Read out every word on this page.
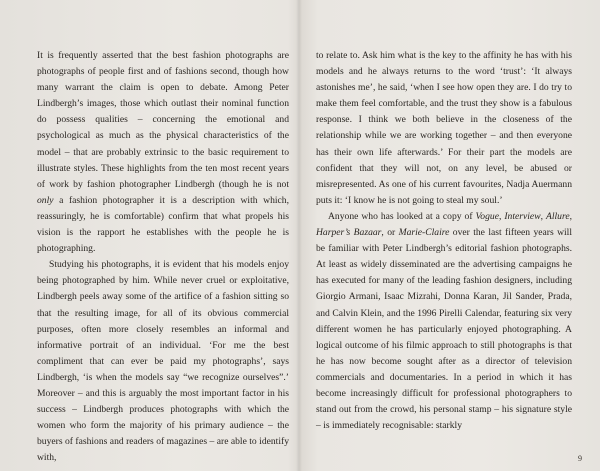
It is frequently asserted that the best fashion photographs are photographs of people first and of fashions second, though how many warrant the claim is open to debate. Among Peter Lindbergh’s images, those which outlast their nominal function do possess qualities – concerning the emotional and psychological as much as the physical characteristics of the model – that are probably extrinsic to the basic requirement to illustrate styles. These highlights from the ten most recent years of work by fashion photographer Lindbergh (though he is not only a fashion photographer it is a description with which, reassuringly, he is comfortable) confirm that what propels his vision is the rapport he establishes with the people he is photographing.

Studying his photographs, it is evident that his models enjoy being photographed by him. While never cruel or exploitative, Lindbergh peels away some of the artifice of a fashion sitting so that the resulting image, for all of its obvious commercial purposes, often more closely resembles an informal and informative portrait of an individual. ‘For me the best compliment that can ever be paid my photographs’, says Lindbergh, ‘is when the models say “we recognize ourselves”.’ Moreover – and this is arguably the most important factor in his success – Lindbergh produces photographs with which the women who form the majority of his primary audience – the buyers of fashions and readers of magazines – are able to identify with,

to relate to. Ask him what is the key to the affinity he has with his models and he always returns to the word ‘trust’: ‘It always astonishes me’, he said, ‘when I see how open they are. I do try to make them feel comfortable, and the trust they show is a fabulous response. I think we both believe in the closeness of the relationship while we are working together – and then everyone has their own life afterwards.’ For their part the models are confident that they will not, on any level, be abused or misrepresented. As one of his current favourites, Nadja Auermann puts it: ‘I know he is not going to steal my soul.’

Anyone who has looked at a copy of Vogue, Interview, Allure, Harper’s Bazaar, or Marie-Claire over the last fifteen years will be familiar with Peter Lindbergh’s editorial fashion photographs. At least as widely disseminated are the advertising campaigns he has executed for many of the leading fashion designers, including Giorgio Armani, Isaac Mizrahi, Donna Karan, Jil Sander, Prada, and Calvin Klein, and the 1996 Pirelli Calendar, featuring six very different women he has particularly enjoyed photographing. A logical outcome of his filmic approach to still photographs is that he has now become sought after as a director of television commercials and documentaries. In a period in which it has become increasingly difficult for professional photographers to stand out from the crowd, his personal stamp – his signature style – is immediately recognisable: starkly

9
